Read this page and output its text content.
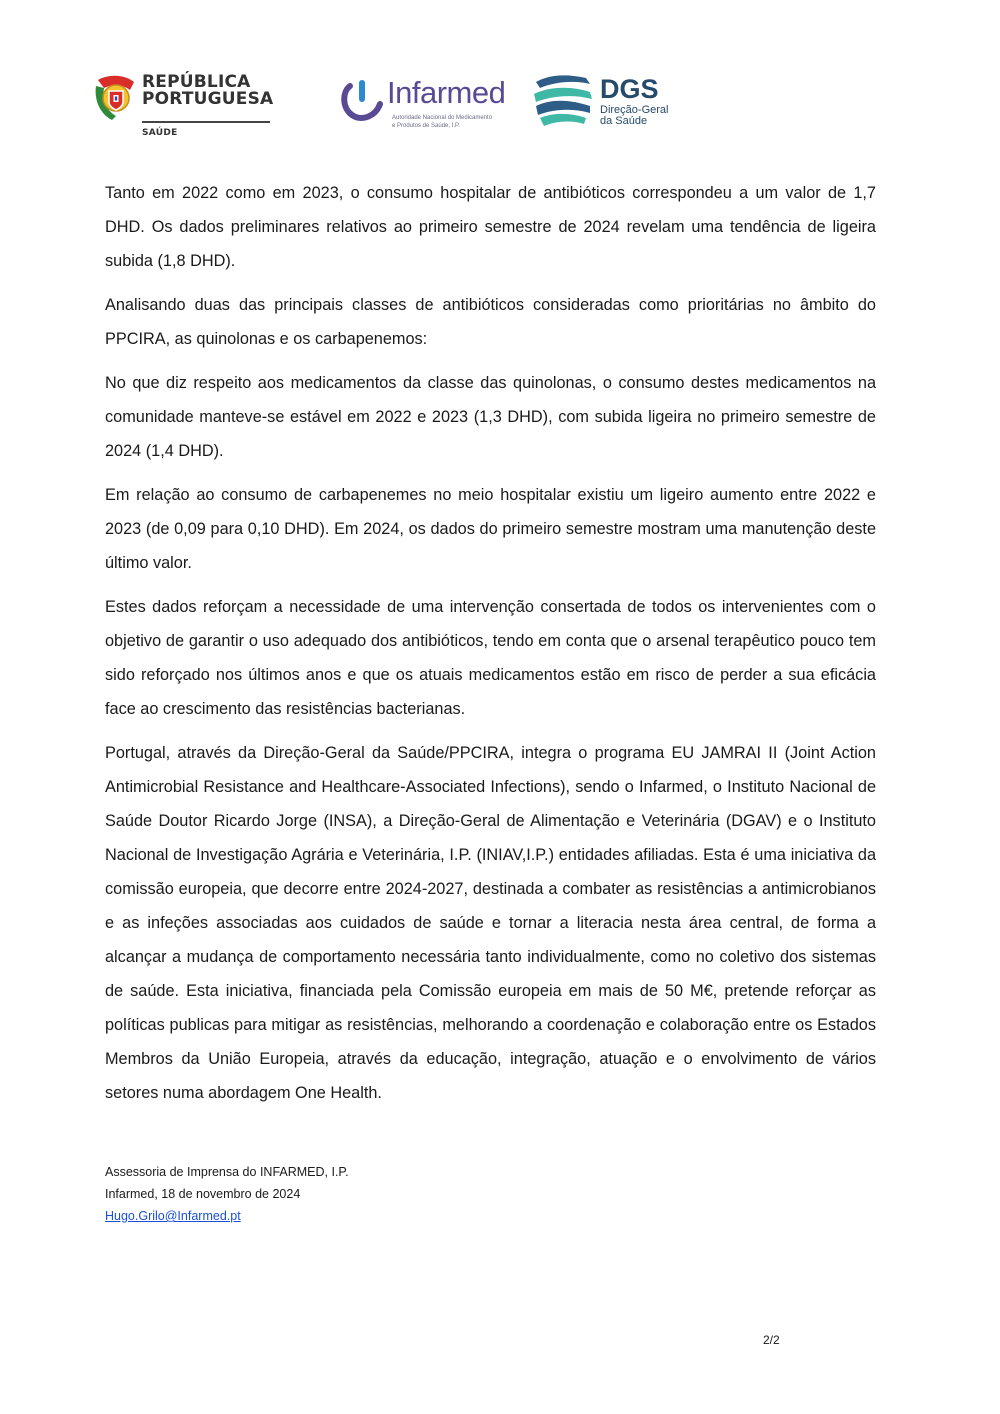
REPÚBLICA
PORTUGUESA
SAÚDE
Infarmed
Autoridade Nacional do Medicamento
e Produtos de Saúde, I.P.
DGS
Direção-Geral
da Saúde

Tanto em 2022 como em 2023, o consumo hospitalar de antibióticos correspondeu a um valor de 1,7 DHD. Os dados preliminares relativos ao primeiro semestre de 2024 revelam uma tendência de ligeira subida (1,8 DHD).

Analisando duas das principais classes de antibióticos consideradas como prioritárias no âmbito do PPCIRA, as quinolonas e os carbapenemos:

No que diz respeito aos medicamentos da classe das quinolonas, o consumo destes medicamentos na comunidade manteve-se estável em 2022 e 2023 (1,3 DHD), com subida ligeira no primeiro semestre de 2024 (1,4 DHD).

Em relação ao consumo de carbapenemes no meio hospitalar existiu um ligeiro aumento entre 2022 e 2023 (de 0,09 para 0,10 DHD). Em 2024, os dados do primeiro semestre mostram uma manutenção deste último valor.

Estes dados reforçam a necessidade de uma intervenção consertada de todos os intervenientes com o objetivo de garantir o uso adequado dos antibióticos, tendo em conta que o arsenal terapêutico pouco tem sido reforçado nos últimos anos e que os atuais medicamentos estão em risco de perder a sua eficácia face ao crescimento das resistências bacterianas.

Portugal, através da Direção-Geral da Saúde/PPCIRA, integra o programa EU JAMRAI II (Joint Action Antimicrobial Resistance and Healthcare-Associated Infections), sendo o Infarmed, o Instituto Nacional de Saúde Doutor Ricardo Jorge (INSA), a Direção-Geral de Alimentação e Veterinária (DGAV) e o Instituto Nacional de Investigação Agrária e Veterinária, I.P. (INIAV,I.P.) entidades afiliadas. Esta é uma iniciativa da comissão europeia, que decorre entre 2024-2027, destinada a combater as resistências a antimicrobianos e as infeções associadas aos cuidados de saúde e tornar a literacia nesta área central, de forma a alcançar a mudança de comportamento necessária tanto individualmente, como no coletivo dos sistemas de saúde. Esta iniciativa, financiada pela Comissão europeia em mais de 50 M€, pretende reforçar as políticas publicas para mitigar as resistências, melhorando a coordenação e colaboração entre os Estados Membros da União Europeia, através da educação, integração, atuação e o envolvimento de vários setores numa abordagem One Health.

Assessoria de Imprensa do INFARMED, I.P.
Infarmed, 18 de novembro de 2024
Hugo.Grilo@Infarmed.pt
2/2
